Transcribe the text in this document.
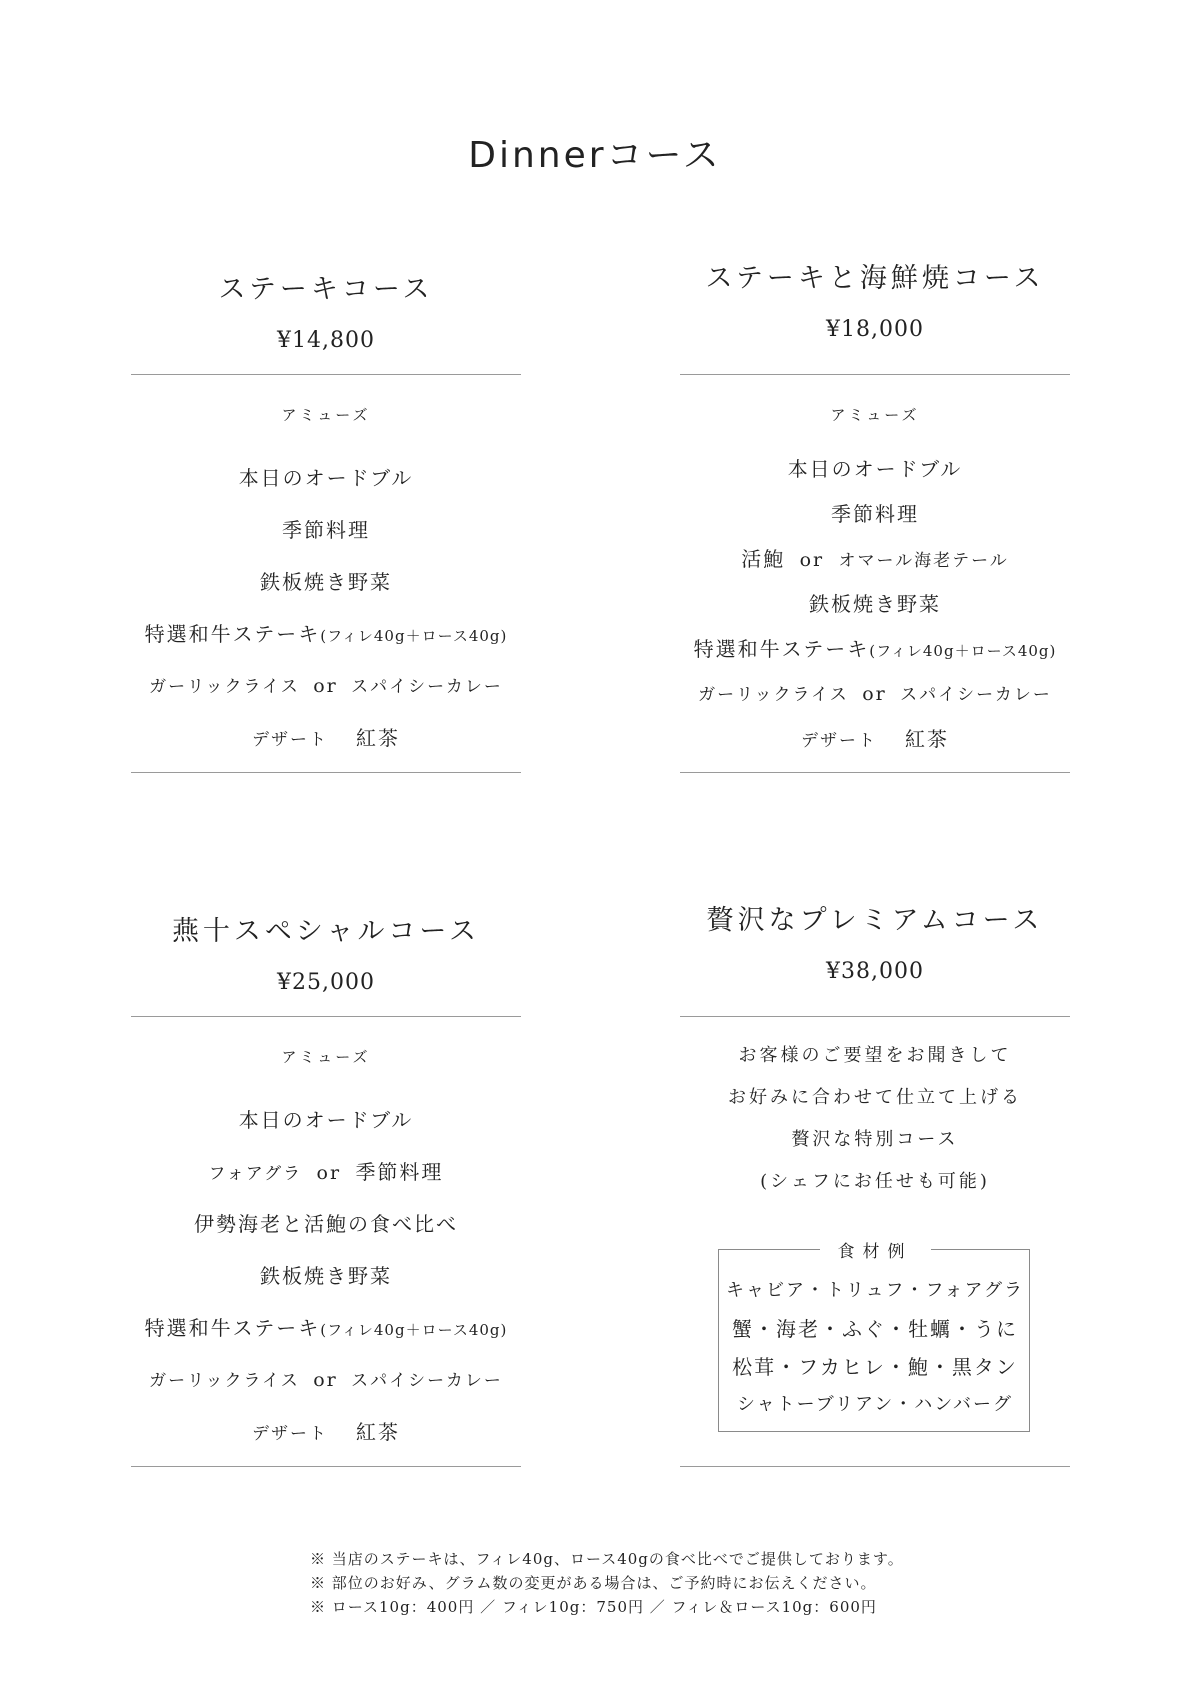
Dinnerコース
ステーキコース
¥14,800
アミューズ
本日のオードブル
季節料理
鉄板焼き野菜
特選和牛ステーキ(フィレ40g＋ロース40g)
ガーリックライス or スパイシーカレー
デザート 紅茶
ステーキと海鮮焼コース
¥18,000
アミューズ
本日のオードブル
季節料理
活鮑 or オマール海老テール
鉄板焼き野菜
特選和牛ステーキ(フィレ40g＋ロース40g)
ガーリックライス or スパイシーカレー
デザート 紅茶
燕十スペシャルコース
¥25,000
アミューズ
本日のオードブル
フォアグラ or 季節料理
伊勢海老と活鮑の食べ比べ
鉄板焼き野菜
特選和牛ステーキ(フィレ40g＋ロース40g)
ガーリックライス or スパイシーカレー
デザート 紅茶
贅沢なプレミアムコース
¥38,000
お客様のご要望をお聞きして
お好みに合わせて仕立て上げる
贅沢な特別コース
(シェフにお任せも可能)
食材例
キャビア・トリュフ・フォアグラ
蟹・海老・ふぐ・牡蠣・うに
松茸・フカヒレ・鮑・黒タン
シャトーブリアン・ハンバーグ
※ 当店のステーキは、フィレ40g、ロース40gの食べ比べでご提供しております。
※ 部位のお好み、グラム数の変更がある場合は、ご予約時にお伝えください。
※ ロース10g：400円 ／ フィレ10g：750円 ／ フィレ＆ロース10g：600円
